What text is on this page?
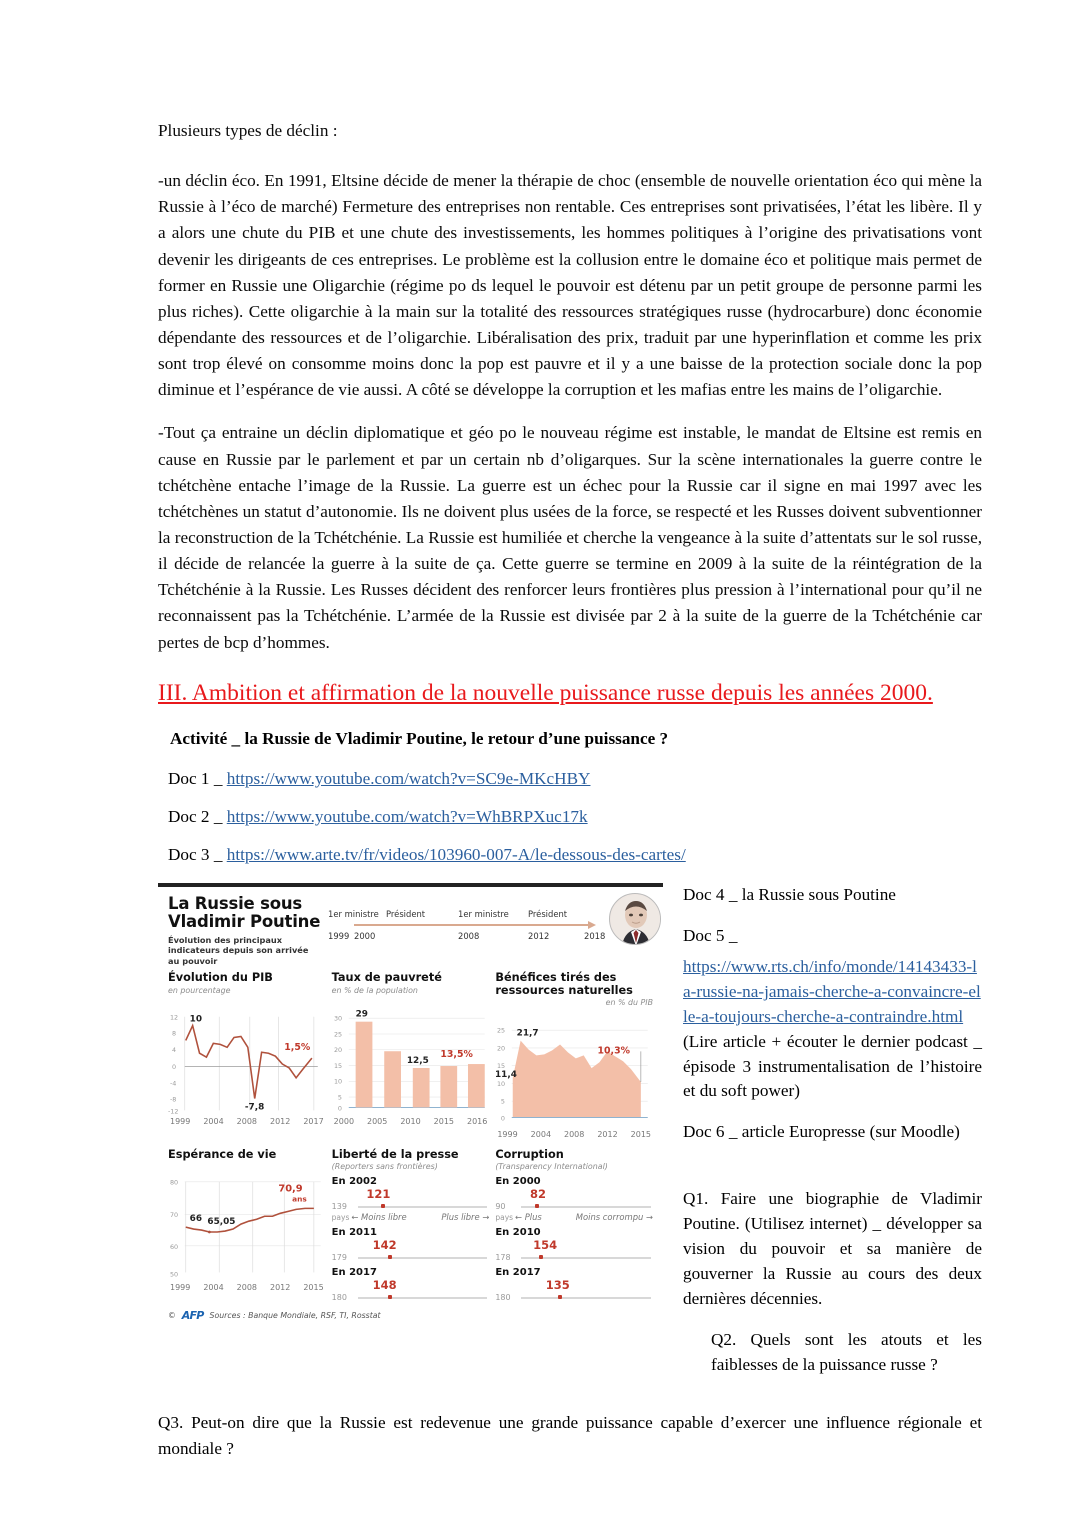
Plusieurs types de déclin :

-un déclin éco. En 1991, Eltsine décide de mener la thérapie de choc (ensemble de nouvelle orientation éco qui mène la Russie à l’éco de marché) Fermeture des entreprises non rentable. Ces entreprises sont privatisées, l’état les libère. Il y a alors une chute du PIB et une chute des investissements, les hommes politiques à l’origine des privatisations vont devenir les dirigeants de ces entreprises. Le problème est la collusion entre le domaine éco et politique mais permet de former en Russie une Oligarchie (régime po ds lequel le pouvoir est détenu par un petit groupe de personne parmi les plus riches). Cette oligarchie à la main sur la totalité des ressources stratégiques russe (hydrocarbure) donc économie dépendante des ressources et de l’oligarchie. Libéralisation des prix, traduit par une hyperinflation et comme les prix sont trop élevé on consomme moins donc la pop est pauvre et il y a une baisse de la protection sociale donc la pop diminue et l’espérance de vie aussi. A côté se développe la corruption et les mafias entre les mains de l’oligarchie.

-Tout ça entraine un déclin diplomatique et géo po le nouveau régime est instable, le mandat de Eltsine est remis en cause en Russie par le parlement et par un certain nb d’oligarques. Sur la scène internationales la guerre contre le tchétchène entache l’image de la Russie. La guerre est un échec pour la Russie car il signe en mai 1997 avec les tchétchènes un statut d’autonomie. Ils ne doivent plus usées de la force, se respecté et les Russes doivent subventionner la reconstruction de la Tchétchénie. La Russie est humiliée et cherche la vengeance à la suite d’attentats sur le sol russe, il décide de relancée la guerre à la suite de ça. Cette guerre se termine en 2009 à la suite de la réintégration de la Tchétchénie à la Russie. Les Russes décident des renforcer leurs frontières plus pression à l’international pour qu’il ne reconnaissent pas la Tchétchénie. L’armée de la Russie est divisée par 2 à la suite de la guerre de la Tchétchénie car pertes de bcp d’hommes.

III. Ambition et affirmation de la nouvelle puissance russe depuis les années 2000.
Activité _ la Russie de Vladimir Poutine, le retour d’une puissance ?
Doc 1 _ https://www.youtube.com/watch?v=SC9e-MKcHBY
Doc 2 _ https://www.youtube.com/watch?v=WhBRPXuc17k
Doc 3 _ https://www.arte.tv/fr/videos/103960-007-A/le-dessous-des-cartes/
La Russie sous Vladimir Poutine
Évolution des principaux indicateurs depuis son arrivée au pouvoir
1er ministre Président	1er ministre	Président
1999 2000	2008	2012	2018
Évolution du PIB
en pourcentage
12
8
4
0
-4
-8
-12
10
-7,8
1,5%
1999 2004 2008 2012 2017
Taux de pauvreté
en % de la population
30
25
20
15
10
5
0
29
12,5
13,5%
2000 2005 2010 2015 2016
Bénéfices tirés des ressources naturelles
en % du PIB
25
20
15
10
5
0
21,7
11,4
10,3%
1999 2004 2008 2012 2015
Espérance de vie
80
70
60
50
66 65,05
70,9
ans
1999 2004 2008 2012 2015
Liberté de la presse
(Reporters sans frontières)
En 2002
121
139
pays ← Moins libre	Plus libre →
En 2011
142
179
En 2017
148
180
Corruption
(Transparency International)
En 2000
82
90
pays ← Plus	Moins corrompu →
En 2010
154
178
En 2017
135
180
© AFP Sources : Banque Mondiale, RSF, TI, Rosstat

Doc 4 _ la Russie sous Poutine

Doc 5 _

https://www.rts.ch/info/monde/14143433-la-russie-na-jamais-cherche-a-convaincre-elle-a-toujours-cherche-a-contraindre.html (Lire article + écouter le dernier podcast _ épisode 3 instrumentalisation de l’histoire et du soft power)

Doc 6 _ article Europresse (sur Moodle)

Q1. Faire une biographie de Vladimir Poutine. (Utilisez internet) _ développer sa vision du pouvoir et sa manière de gouverner la Russie au cours des deux dernières décennies.

Q2. Quels sont les atouts et les faiblesses de la puissance russe ?

Q3. Peut-on dire que la Russie est redevenue une grande puissance capable d’exercer une influence régionale et mondiale ?
